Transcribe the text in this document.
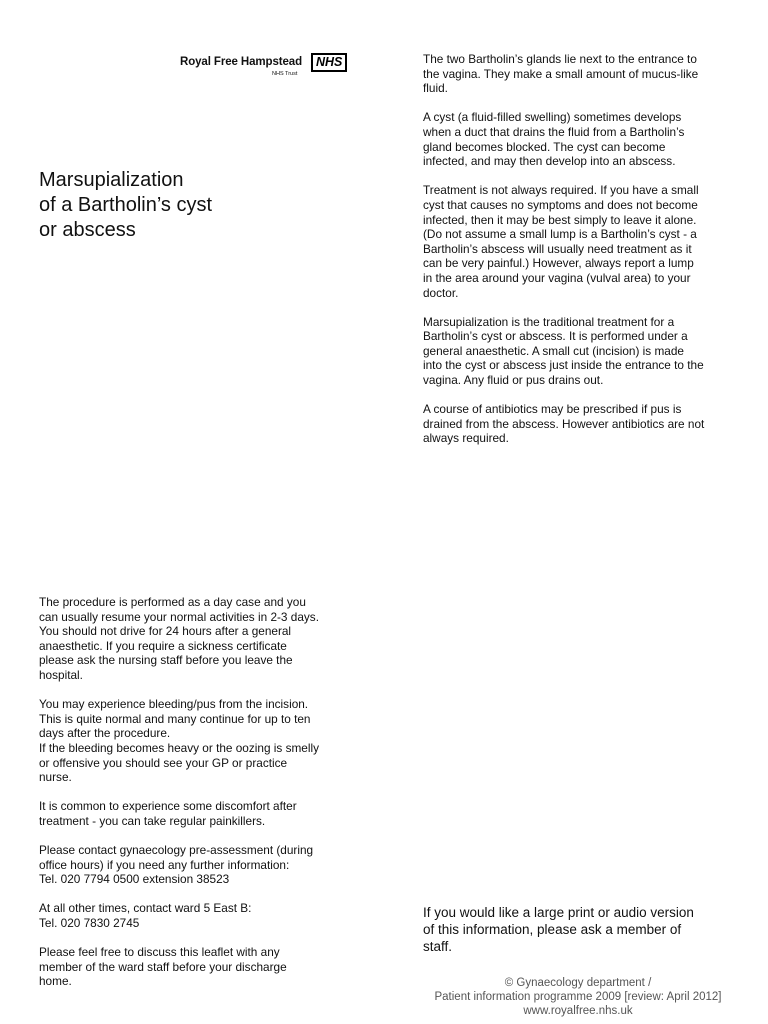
Royal Free Hampstead	NHS
NHS Trust
Marsupialization
of a Bartholin’s cyst
or abscess

The two Bartholin’s glands lie next to the entrance to
the vagina. They make a small amount of mucus-like
fluid.

A cyst (a fluid-filled swelling) sometimes develops
when a duct that drains the fluid from a Bartholin’s
gland becomes blocked. The cyst can become
infected, and may then develop into an abscess.

Treatment is not always required. If you have a small
cyst that causes no symptoms and does not become
infected, then it may be best simply to leave it alone.
(Do not assume a small lump is a Bartholin’s cyst - a
Bartholin’s abscess will usually need treatment as it
can be very painful.) However, always report a lump
in the area around your vagina (vulval area) to your
doctor.

Marsupialization is the traditional treatment for a
Bartholin’s cyst or abscess. It is performed under a
general anaesthetic. A small cut (incision) is made
into the cyst or abscess just inside the entrance to the
vagina. Any fluid or pus drains out.

A course of antibiotics may be prescribed if pus is
drained from the abscess. However antibiotics are not
always required.

The procedure is performed as a day case and you
can usually resume your normal activities in 2-3 days.
You should not drive for 24 hours after a general
anaesthetic. If you require a sickness certificate
please ask the nursing staff before you leave the
hospital.

You may experience bleeding/pus from the incision.
This is quite normal and many continue for up to ten
days after the procedure.
If the bleeding becomes heavy or the oozing is smelly
or offensive you should see your GP or practice
nurse.

It is common to experience some discomfort after
treatment - you can take regular painkillers.

Please contact gynaecology pre-assessment (during
office hours) if you need any further information:
Tel. 020 7794 0500 extension 38523

At all other times, contact ward 5 East B:
Tel. 020 7830 2745

Please feel free to discuss this leaflet with any
member of the ward staff before your discharge
home.

If you would like a large print or audio version
of this information, please ask a member of
staff.
© Gynaecology department /
Patient information programme 2009 [review: April 2012]
www.royalfree.nhs.uk
